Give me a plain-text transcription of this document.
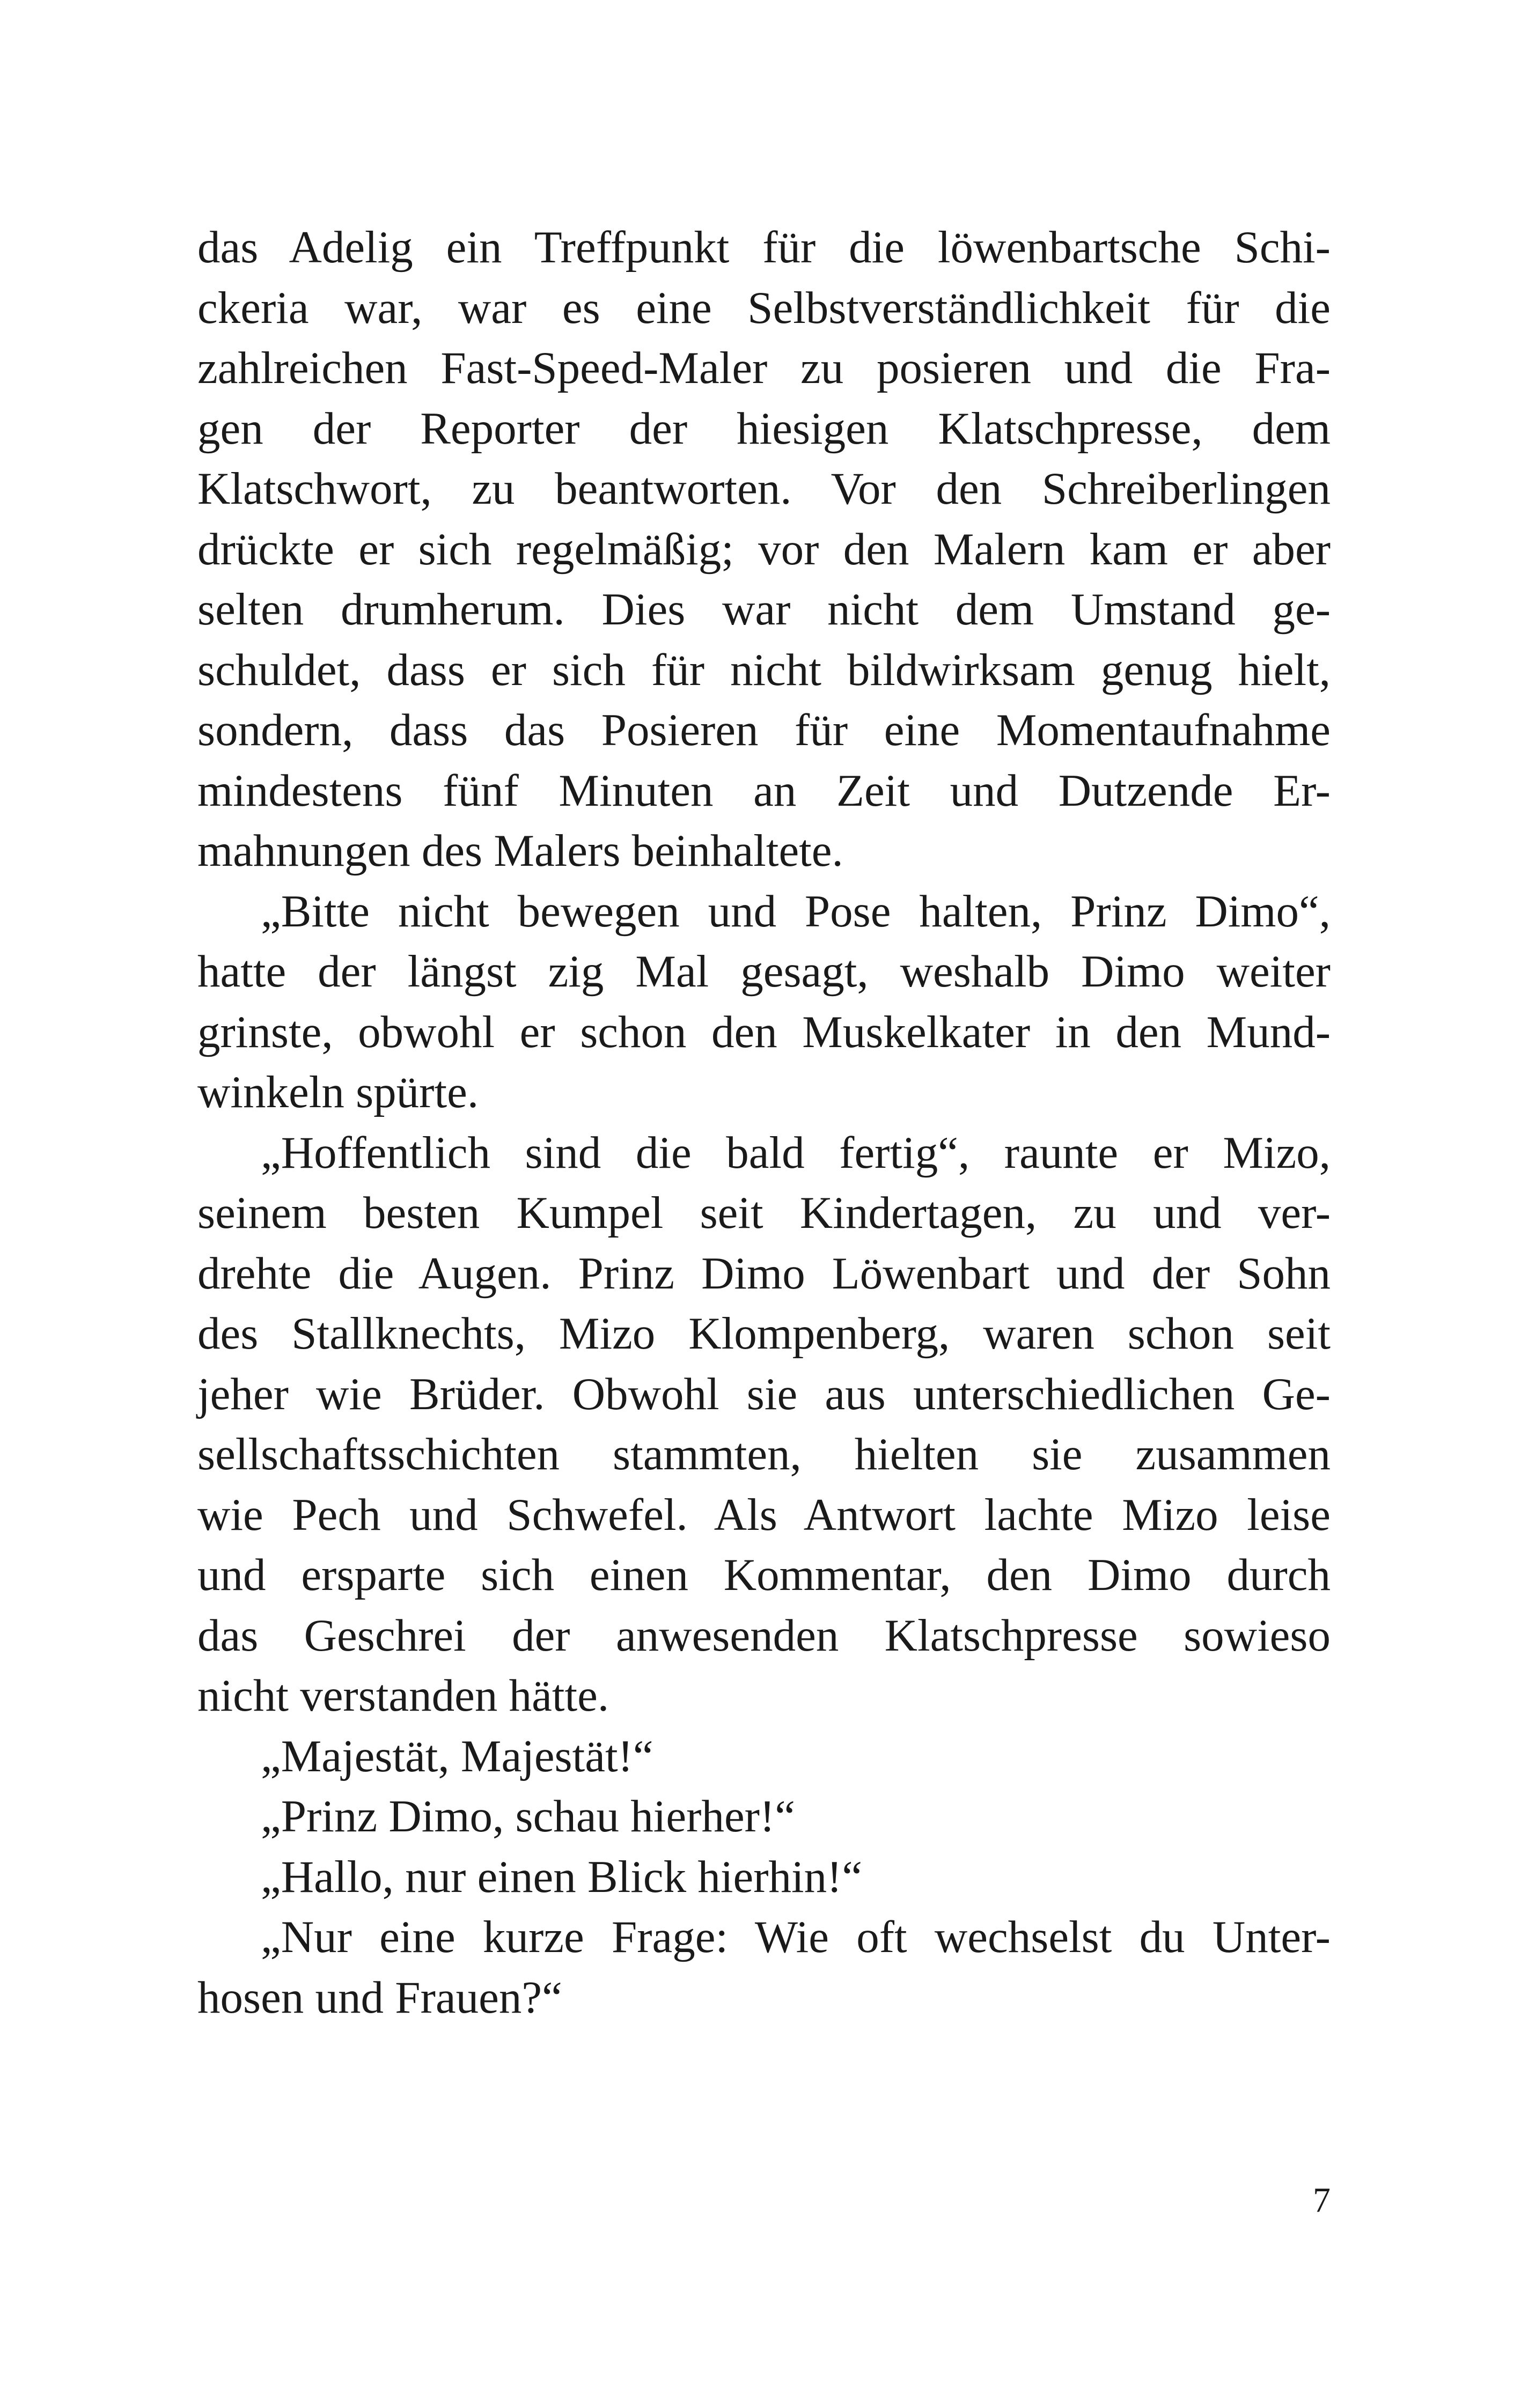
das Adelig ein Treffpunkt für die löwenbartsche Schi-
ckeria war, war es eine Selbstverständlichkeit für die
zahlreichen Fast-Speed-Maler zu posieren und die Fra-
gen der Reporter der hiesigen Klatschpresse, dem
Klatschwort, zu beantworten. Vor den Schreiberlingen
drückte er sich regelmäßig; vor den Malern kam er aber
selten drumherum. Dies war nicht dem Umstand ge-
schuldet, dass er sich für nicht bildwirksam genug hielt,
sondern, dass das Posieren für eine Momentaufnahme
mindestens fünf Minuten an Zeit und Dutzende Er-
mahnungen des Malers beinhaltete.
„Bitte nicht bewegen und Pose halten, Prinz Dimo“,
hatte der längst zig Mal gesagt, weshalb Dimo weiter
grinste, obwohl er schon den Muskelkater in den Mund-
winkeln spürte.
„Hoffentlich sind die bald fertig“, raunte er Mizo,
seinem besten Kumpel seit Kindertagen, zu und ver-
drehte die Augen. Prinz Dimo Löwenbart und der Sohn
des Stallknechts, Mizo Klompenberg, waren schon seit
jeher wie Brüder. Obwohl sie aus unterschiedlichen Ge-
sellschaftsschichten stammten, hielten sie zusammen
wie Pech und Schwefel. Als Antwort lachte Mizo leise
und ersparte sich einen Kommentar, den Dimo durch
das Geschrei der anwesenden Klatschpresse sowieso
nicht verstanden hätte.
„Majestät, Majestät!“
„Prinz Dimo, schau hierher!“
„Hallo, nur einen Blick hierhin!“
„Nur eine kurze Frage: Wie oft wechselst du Unter-
hosen und Frauen?“
7
